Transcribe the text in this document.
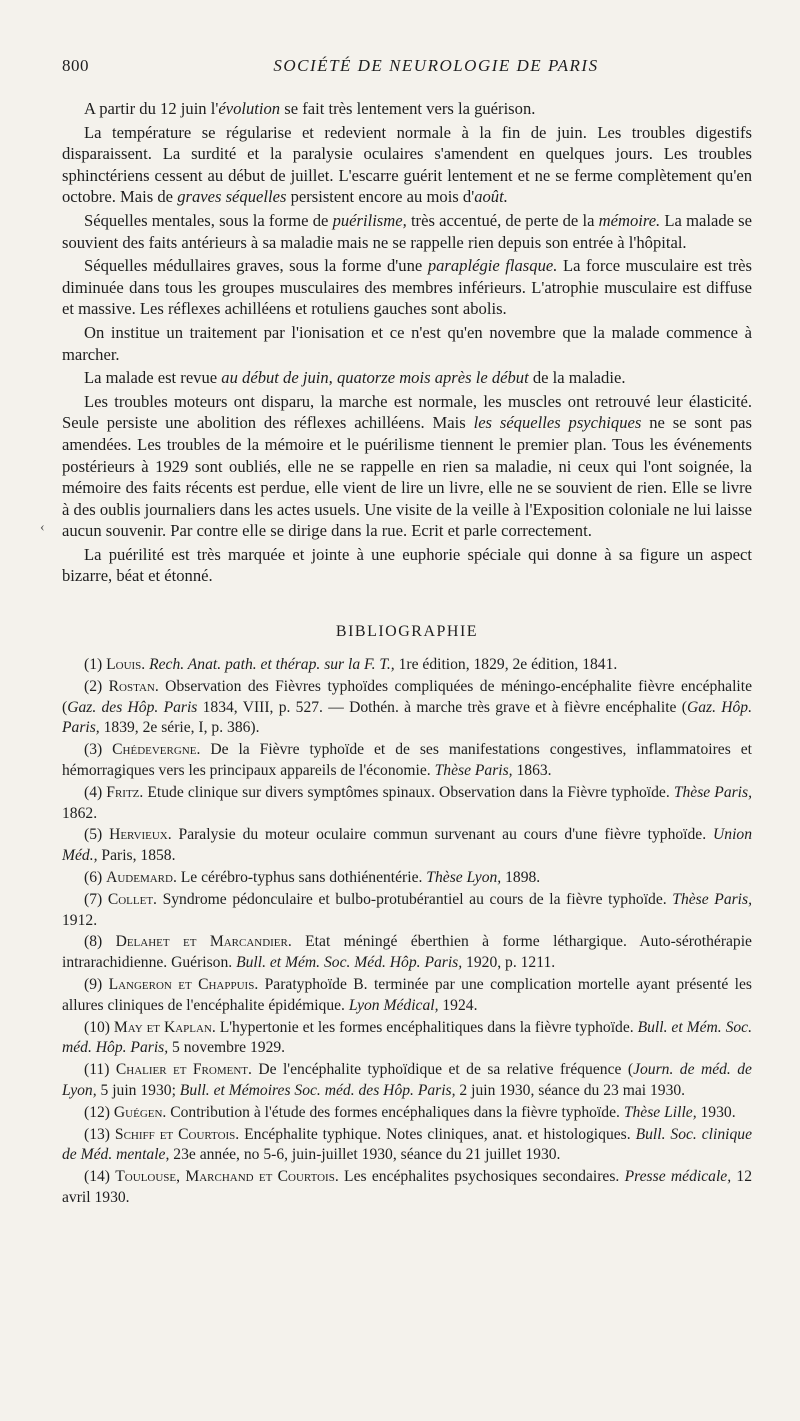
800	SOCIÉTÉ DE NEUROLOGIE DE PARIS
‹

A partir du 12 juin l'évolution se fait très lentement vers la guérison.

La température se régularise et redevient normale à la fin de juin. Les troubles digestifs disparaissent. La surdité et la paralysie oculaires s'amendent en quelques jours. Les troubles sphinctériens cessent au début de juillet. L'escarre guérit lentement et ne se ferme complètement qu'en octobre. Mais de graves séquelles persistent encore au mois d'août.

Séquelles mentales, sous la forme de puérilisme, très accentué, de perte de la mémoire. La malade se souvient des faits antérieurs à sa maladie mais ne se rappelle rien depuis son entrée à l'hôpital.

Séquelles médullaires graves, sous la forme d'une paraplégie flasque. La force musculaire est très diminuée dans tous les groupes musculaires des membres inférieurs. L'atrophie musculaire est diffuse et massive. Les réflexes achilléens et rotuliens gauches sont abolis.

On institue un traitement par l'ionisation et ce n'est qu'en novembre que la malade commence à marcher.

La malade est revue au début de juin, quatorze mois après le début de la maladie.

Les troubles moteurs ont disparu, la marche est normale, les muscles ont retrouvé leur élasticité. Seule persiste une abolition des réflexes achilléens. Mais les séquelles psychiques ne se sont pas amendées. Les troubles de la mémoire et le puérilisme tiennent le premier plan. Tous les événements postérieurs à 1929 sont oubliés, elle ne se rappelle en rien sa maladie, ni ceux qui l'ont soignée, la mémoire des faits récents est perdue, elle vient de lire un livre, elle ne se souvient de rien. Elle se livre à des oublis journaliers dans les actes usuels. Une visite de la veille à l'Exposition coloniale ne lui laisse aucun souvenir. Par contre elle se dirige dans la rue. Ecrit et parle correctement.

La puérilité est très marquée et jointe à une euphorie spéciale qui donne à sa figure un aspect bizarre, béat et étonné.

BIBLIOGRAPHIE

(1) Louis. Rech. Anat. path. et thérap. sur la F. T., 1re édition, 1829, 2e édition, 1841.

(2) Rostan. Observation des Fièvres typhoïdes compliquées de méningo-encéphalite fièvre encéphalite (Gaz. des Hôp. Paris 1834, VIII, p. 527. — Dothén. à marche très grave et à fièvre encéphalite (Gaz. Hôp. Paris, 1839, 2e série, I, p. 386).

(3) Chédevergne. De la Fièvre typhoïde et de ses manifestations congestives, inflammatoires et hémorragiques vers les principaux appareils de l'économie. Thèse Paris, 1863.

(4) Fritz. Etude clinique sur divers symptômes spinaux. Observation dans la Fièvre typhoïde. Thèse Paris, 1862.

(5) Hervieux. Paralysie du moteur oculaire commun survenant au cours d'une fièvre typhoïde. Union Méd., Paris, 1858.

(6) Audemard. Le cérébro-typhus sans dothiénentérie. Thèse Lyon, 1898.

(7) Collet. Syndrome pédonculaire et bulbo-protubérantiel au cours de la fièvre typhoïde. Thèse Paris, 1912.

(8) Delahet et Marcandier. Etat méningé éberthien à forme léthargique. Auto-sérothérapie intrarachidienne. Guérison. Bull. et Mém. Soc. Méd. Hôp. Paris, 1920, p. 1211.

(9) Langeron et Chappuis. Paratyphoïde B. terminée par une complication mortelle ayant présenté les allures cliniques de l'encéphalite épidémique. Lyon Médical, 1924.

(10) May et Kaplan. L'hypertonie et les formes encéphalitiques dans la fièvre typhoïde. Bull. et Mém. Soc. méd. Hôp. Paris, 5 novembre 1929.

(11) Chalier et Froment. De l'encéphalite typhoïdique et de sa relative fréquence (Journ. de méd. de Lyon, 5 juin 1930; Bull. et Mémoires Soc. méd. des Hôp. Paris, 2 juin 1930, séance du 23 mai 1930.

(12) Guégen. Contribution à l'étude des formes encéphaliques dans la fièvre typhoïde. Thèse Lille, 1930.

(13) Schiff et Courtois. Encéphalite typhique. Notes cliniques, anat. et histologiques. Bull. Soc. clinique de Méd. mentale, 23e année, no 5-6, juin-juillet 1930, séance du 21 juillet 1930.

(14) Toulouse, Marchand et Courtois. Les encéphalites psychosiques secondaires. Presse médicale, 12 avril 1930.
